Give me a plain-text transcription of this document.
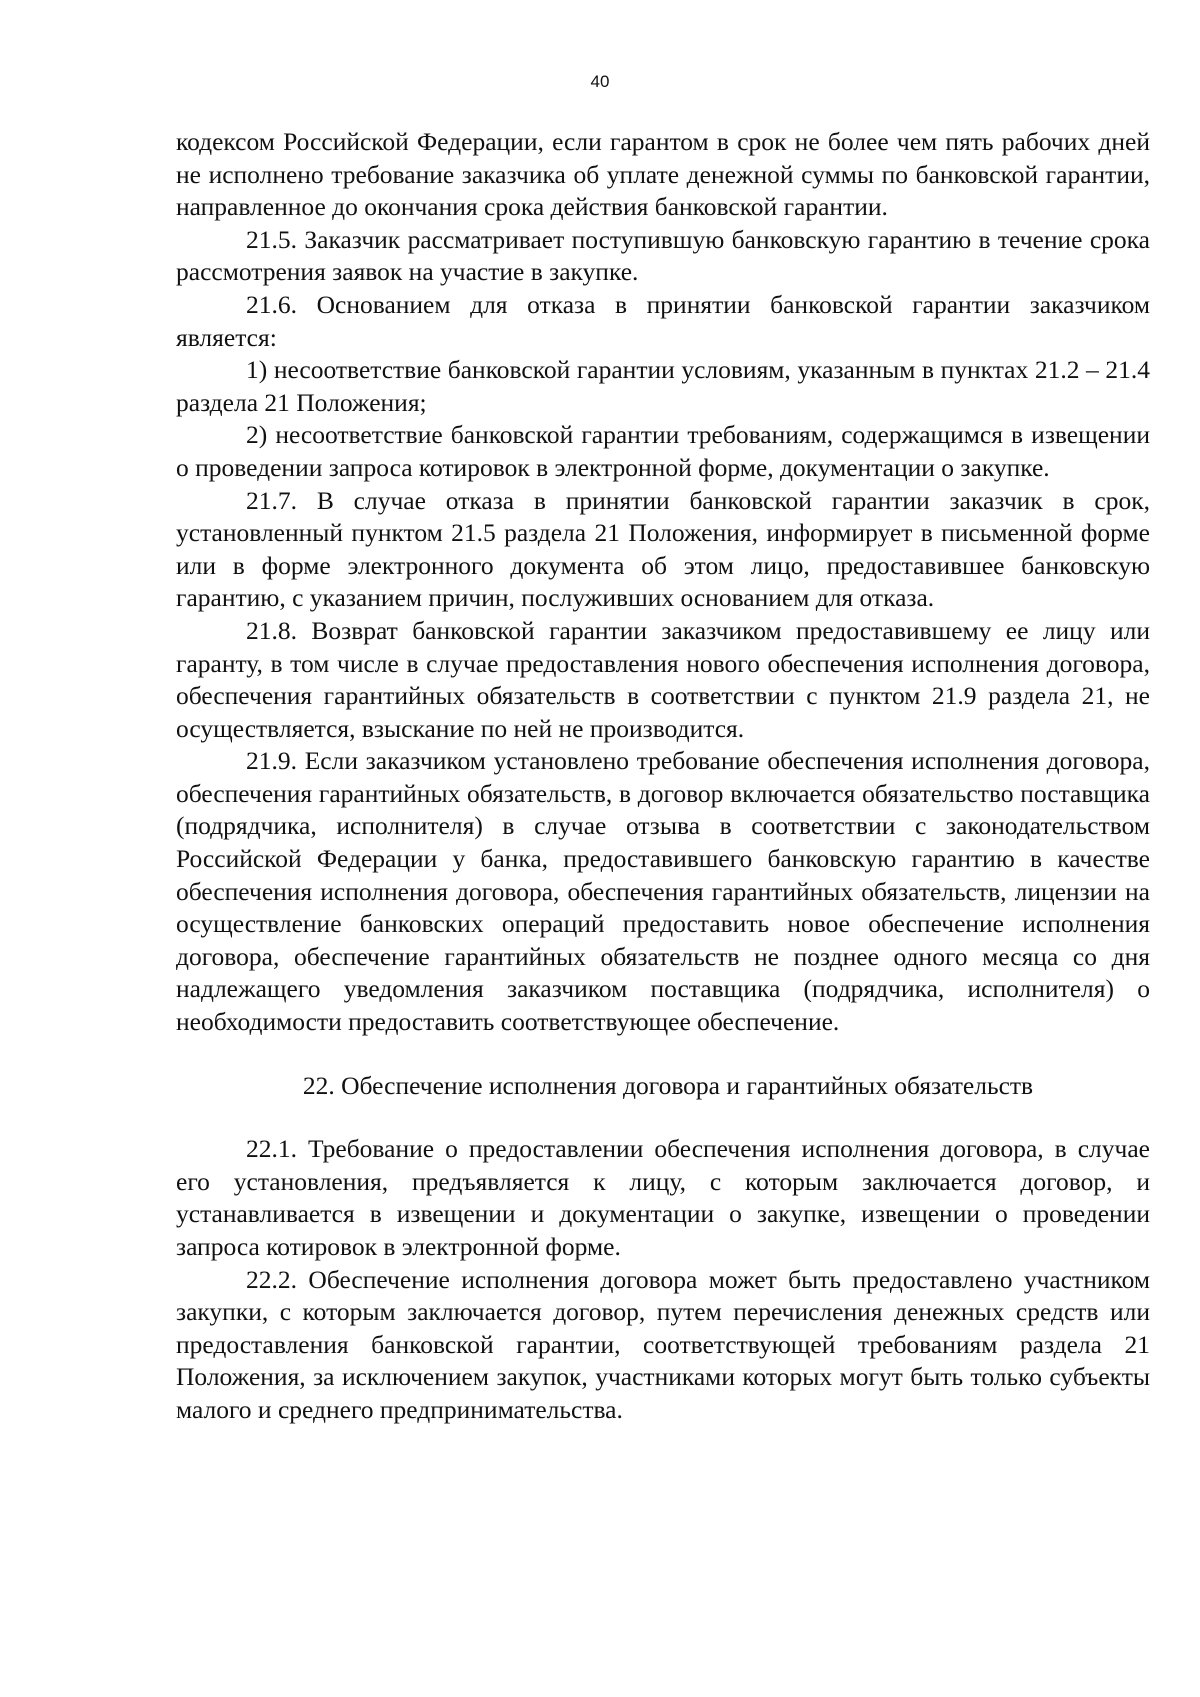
40

кодексом Российской Федерации, если гарантом в срок не более чем пять рабочих дней не исполнено требование заказчика об уплате денежной суммы по банковской гарантии, направленное до окончания срока действия банковской гарантии.

21.5. Заказчик рассматривает поступившую банковскую гарантию в течение срока рассмотрения заявок на участие в закупке.

21.6. Основанием для отказа в принятии банковской гарантии заказчиком является:

1) несоответствие банковской гарантии условиям, указанным в пунктах 21.2 – 21.4 раздела 21 Положения;

2) несоответствие банковской гарантии требованиям, содержащимся в извещении о проведении запроса котировок в электронной форме, документации о закупке.

21.7. В случае отказа в принятии банковской гарантии заказчик в срок, установленный пунктом 21.5 раздела 21 Положения, информирует в письменной форме или в форме электронного документа об этом лицо, предоставившее банковскую гарантию, с указанием причин, послуживших основанием для отказа.

21.8. Возврат банковской гарантии заказчиком предоставившему ее лицу или гаранту, в том числе в случае предоставления нового обеспечения исполнения договора, обеспечения гарантийных обязательств в соответствии с пунктом 21.9 раздела 21, не осуществляется, взыскание по ней не производится.

21.9. Если заказчиком установлено требование обеспечения исполнения договора, обеспечения гарантийных обязательств, в договор включается обязательство поставщика (подрядчика, исполнителя) в случае отзыва в соответствии с законодательством Российской Федерации у банка, предоставившего банковскую гарантию в качестве обеспечения исполнения договора, обеспечения гарантийных обязательств, лицензии на осуществление банковских операций предоставить новое обеспечение исполнения договора, обеспечение гарантийных обязательств не позднее одного месяца со дня надлежащего уведомления заказчиком поставщика (подрядчика, исполнителя) о необходимости предоставить соответствующее обеспечение.

22. Обеспечение исполнения договора и гарантийных обязательств

22.1. Требование о предоставлении обеспечения исполнения договора, в случае его установления, предъявляется к лицу, с которым заключается договор, и устанавливается в извещении и документации о закупке, извещении о проведении запроса котировок в электронной форме.

22.2. Обеспечение исполнения договора может быть предоставлено участником закупки, с которым заключается договор, путем перечисления денежных средств или предоставления банковской гарантии, соответствующей требованиям раздела 21 Положения, за исключением закупок, участниками которых могут быть только субъекты малого и среднего предпринимательства.
